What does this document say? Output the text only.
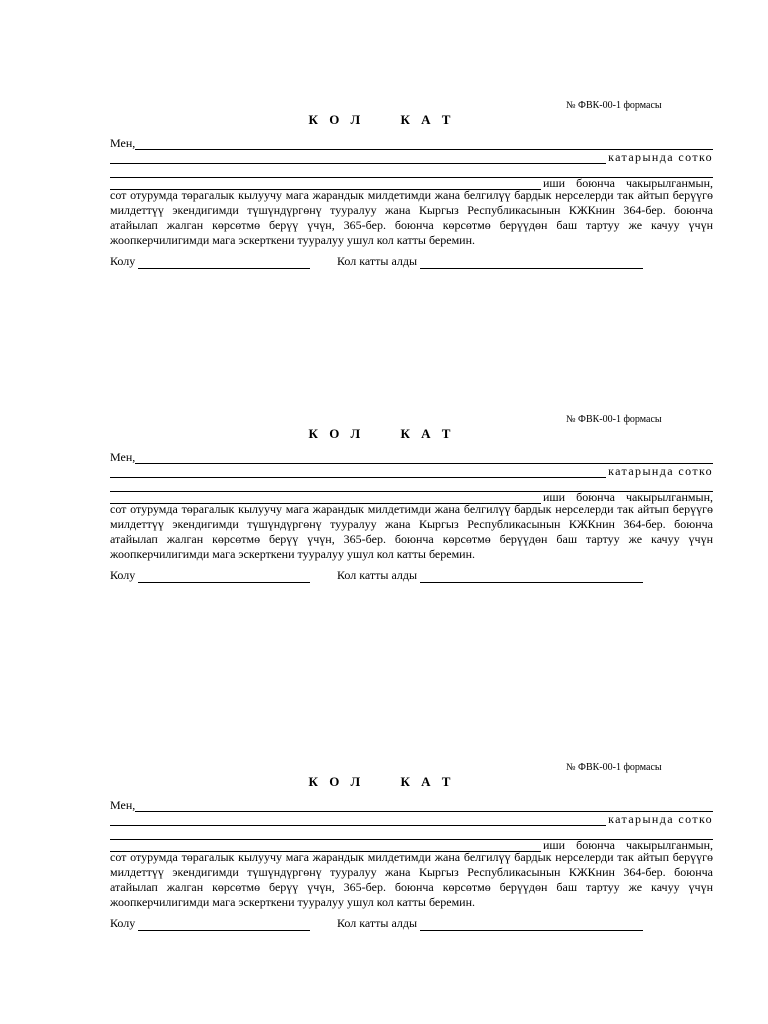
№ ФВК-00-1 формасы
К О Л     К А Т
Мен,
катарында сотко
иши боюнча чакырылганмын,

сот отурумда төрагалык кылуучу мага жарандык милдетимди жана белгилүү бардык нерселерди так айтып берүүгө милдеттүү экендигимди түшүндүргөнү тууралуу жана Кыргыз Республикасынын КЖКнин 364-бер. боюнча атайылап жалган көрсөтмө берүү үчүн, 365-бер. боюнча көрсөтмө берүүдөн баш тартуу же качуу үчүн жоопкерчилигимди мага эскерткени тууралуу ушул кол катты беремин.

Колу	Кол катты алды
№ ФВК-00-1 формасы
К О Л     К А Т
Мен,
катарында сотко
иши боюнча чакырылганмын,

сот отурумда төрагалык кылуучу мага жарандык милдетимди жана белгилүү бардык нерселерди так айтып берүүгө милдеттүү экендигимди түшүндүргөнү тууралуу жана Кыргыз Республикасынын КЖКнин 364-бер. боюнча атайылап жалган көрсөтмө берүү үчүн, 365-бер. боюнча көрсөтмө берүүдөн баш тартуу же качуу үчүн жоопкерчилигимди мага эскерткени тууралуу ушул кол катты беремин.

Колу	Кол катты алды
№ ФВК-00-1 формасы
К О Л     К А Т
Мен,
катарында сотко
иши боюнча чакырылганмын,

сот отурумда төрагалык кылуучу мага жарандык милдетимди жана белгилүү бардык нерселерди так айтып берүүгө милдеттүү экендигимди түшүндүргөнү тууралуу жана Кыргыз Республикасынын КЖКнин 364-бер. боюнча атайылап жалган көрсөтмө берүү үчүн, 365-бер. боюнча көрсөтмө берүүдөн баш тартуу же качуу үчүн жоопкерчилигимди мага эскерткени тууралуу ушул кол катты беремин.

Колу	Кол катты алды
